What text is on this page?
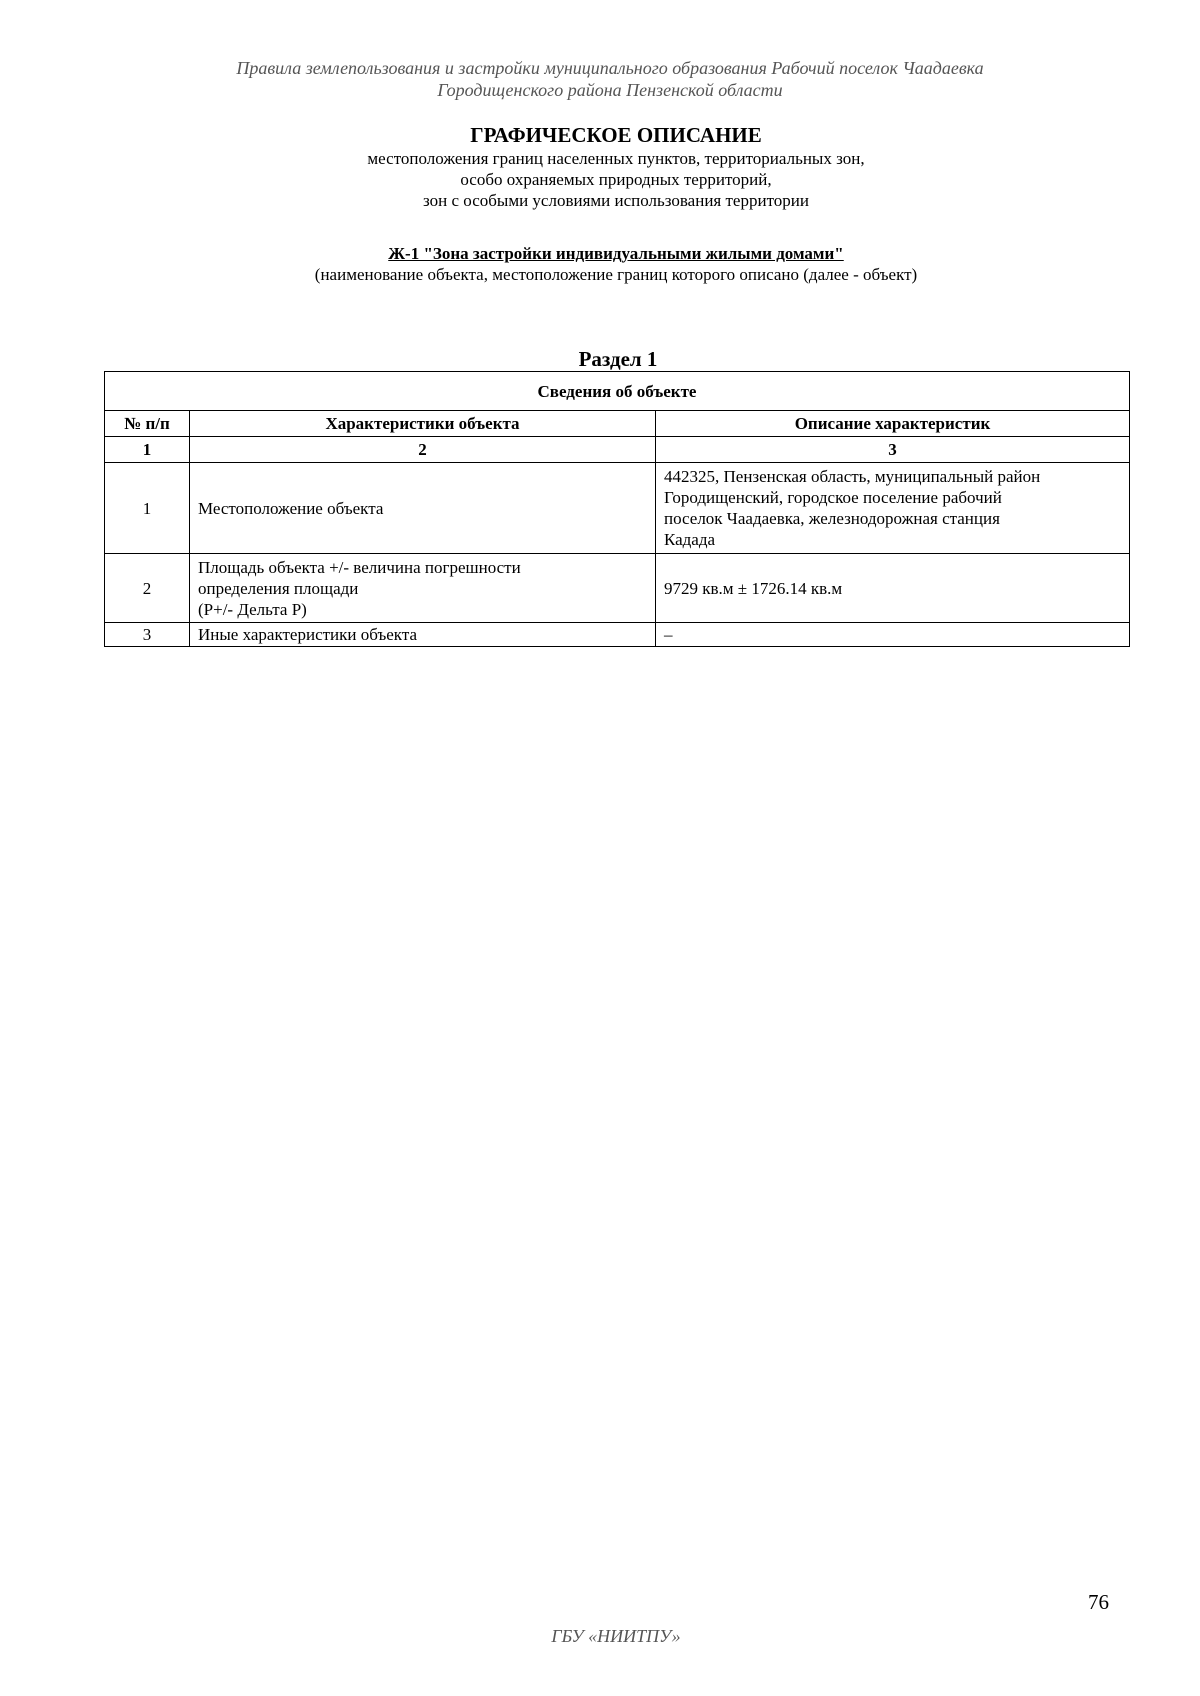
Правила землепользования и застройки муниципального образования Рабочий поселок Чаадаевка
Городищенского района Пензенской области

ГРАФИЧЕСКОЕ ОПИСАНИЕ

местоположения границ населенных пунктов, территориальных зон,

особо охраняемых природных территорий,

зон с особыми условиями использования территории

Ж-1 "Зона застройки индивидуальными жилыми домами"

(наименование объекта, местоположение границ которого описано (далее - объект)

Раздел 1
Сведения об объекте		
№ п/п	Характеристики объекта	Описание характеристик
1	2	3
1	Местоположение объекта	442325, Пензенская область, муниципальный район
Городищенский, городское поселение рабочий
поселок Чаадаевка, железнодорожная станция
Кадада

2	Площадь объекта +/- величина погрешности
определения площади
(Р+/- Дельта Р)	9729 кв.м ± 1726.14 кв.м

3	Иные характеристики объекта	–
76
ГБУ «НИИТПУ»
